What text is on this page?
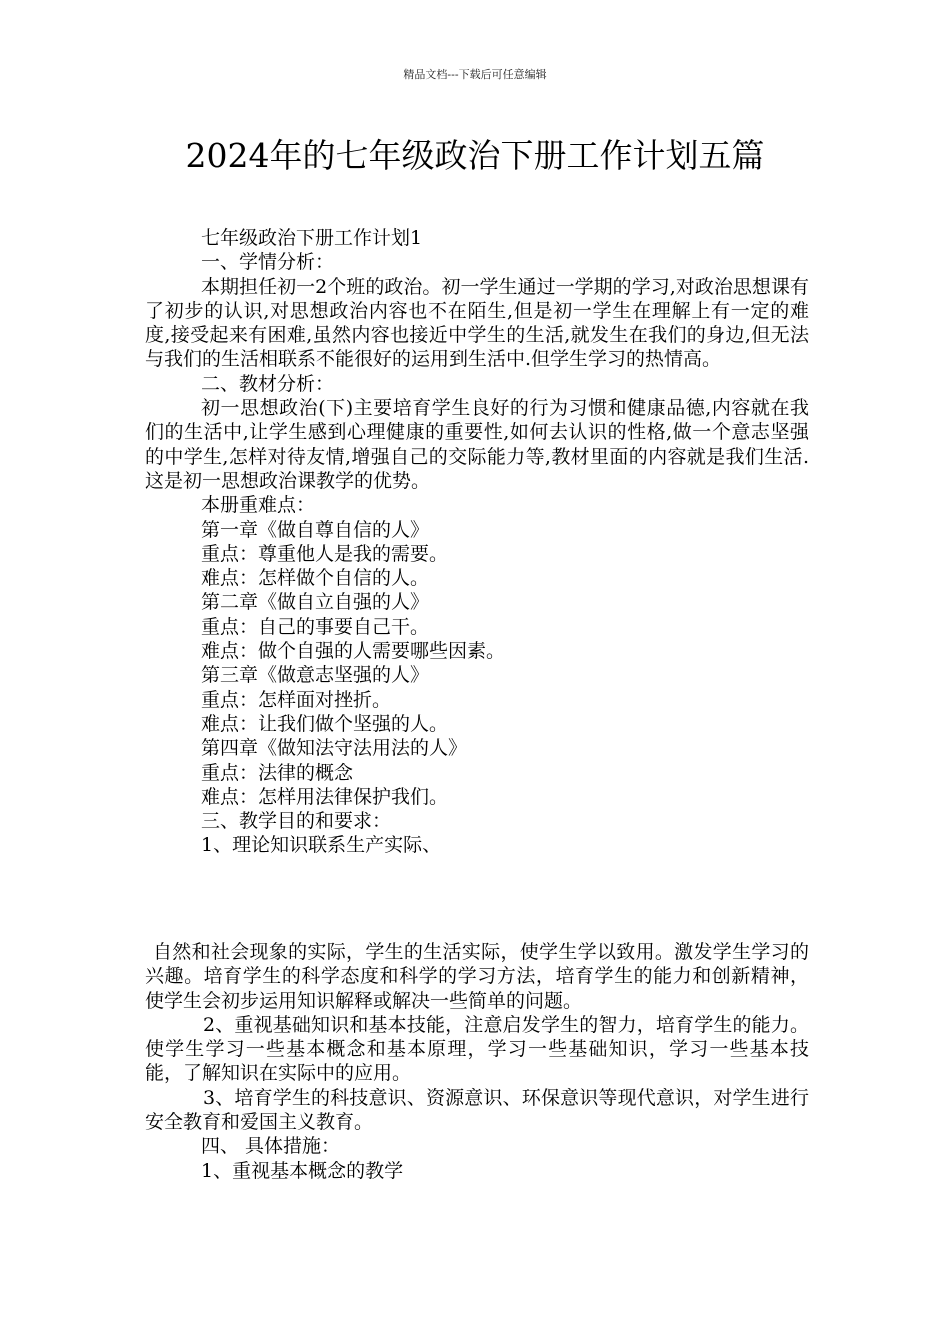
精品文档---下载后可任意编辑
2024年的七年级政治下册工作计划五篇

七年级政治下册工作计划1

一、学情分析：

本期担任初一2个班的政治。初一学生通过一学期的学习,对政治思想课有了初步的认识,对思想政治内容也不在陌生,但是初一学生在理解上有一定的难度,接受起来有困难,虽然内容也接近中学生的生活,就发生在我们的身边,但无法与我们的生活相联系不能很好的运用到生活中.但学生学习的热情高。

二、教材分析：

初一思想政治(下)主要培育学生良好的行为习惯和健康品德,内容就在我们的生活中,让学生感到心理健康的重要性,如何去认识的性格,做一个意志坚强的中学生,怎样对待友情,增强自己的交际能力等,教材里面的内容就是我们生活.这是初一思想政治课教学的优势。

本册重难点：

第一章《做自尊自信的人》

重点：尊重他人是我的需要。

难点：怎样做个自信的人。

第二章《做自立自强的人》

重点：自己的事要自己干。

难点：做个自强的人需要哪些因素。

第三章《做意志坚强的人》

重点：怎样面对挫折。

难点：让我们做个坚强的人。

第四章《做知法守法用法的人》

重点：法律的概念

难点：怎样用法律保护我们。

三、教学目的和要求：

1、理论知识联系生产实际、

自然和社会现象的实际，学生的生活实际，使学生学以致用。激发学生学习的兴趣。培育学生的科学态度和科学的学习方法，培育学生的能力和创新精神，使学生会初步运用知识解释或解决一些简单的问题。

2、重视基础知识和基本技能，注意启发学生的智力，培育学生的能力。使学生学习一些基本概念和基本原理，学习一些基础知识，学习一些基本技能，了解知识在实际中的应用。

3、培育学生的科技意识、资源意识、环保意识等现代意识，对学生进行安全教育和爱国主义教育。

四、 具体措施：

1、重视基本概念的教学
